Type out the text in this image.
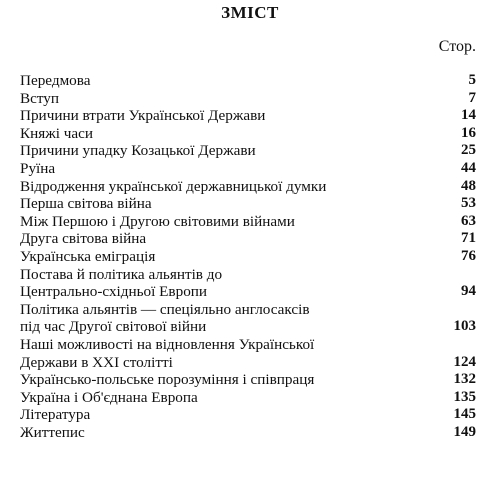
ЗМІСТ
Стор.
Передмова	5
Вступ	7
Причини втрати Української Держави	14
Княжі часи	16
Причини упадку Козацької Держави	25
Руїна	44
Відродження української державницької думки	48
Перша світова війна	53
Між Першою і Другою світовими війнами	63
Друга світова війна	71
Українська еміграція	76
Постава й політика альянтів до
Центрально-східньої Европи	94
Політика альянтів — спеціяльно англосаксів
під час Другої світової війни	103
Наші можливості на відновлення Української
Держави в XXI столітті	124
Українсько-польське порозуміння і співпраця	132
Україна і Об'єднана Европа	135
Література	145
Життепис	149
